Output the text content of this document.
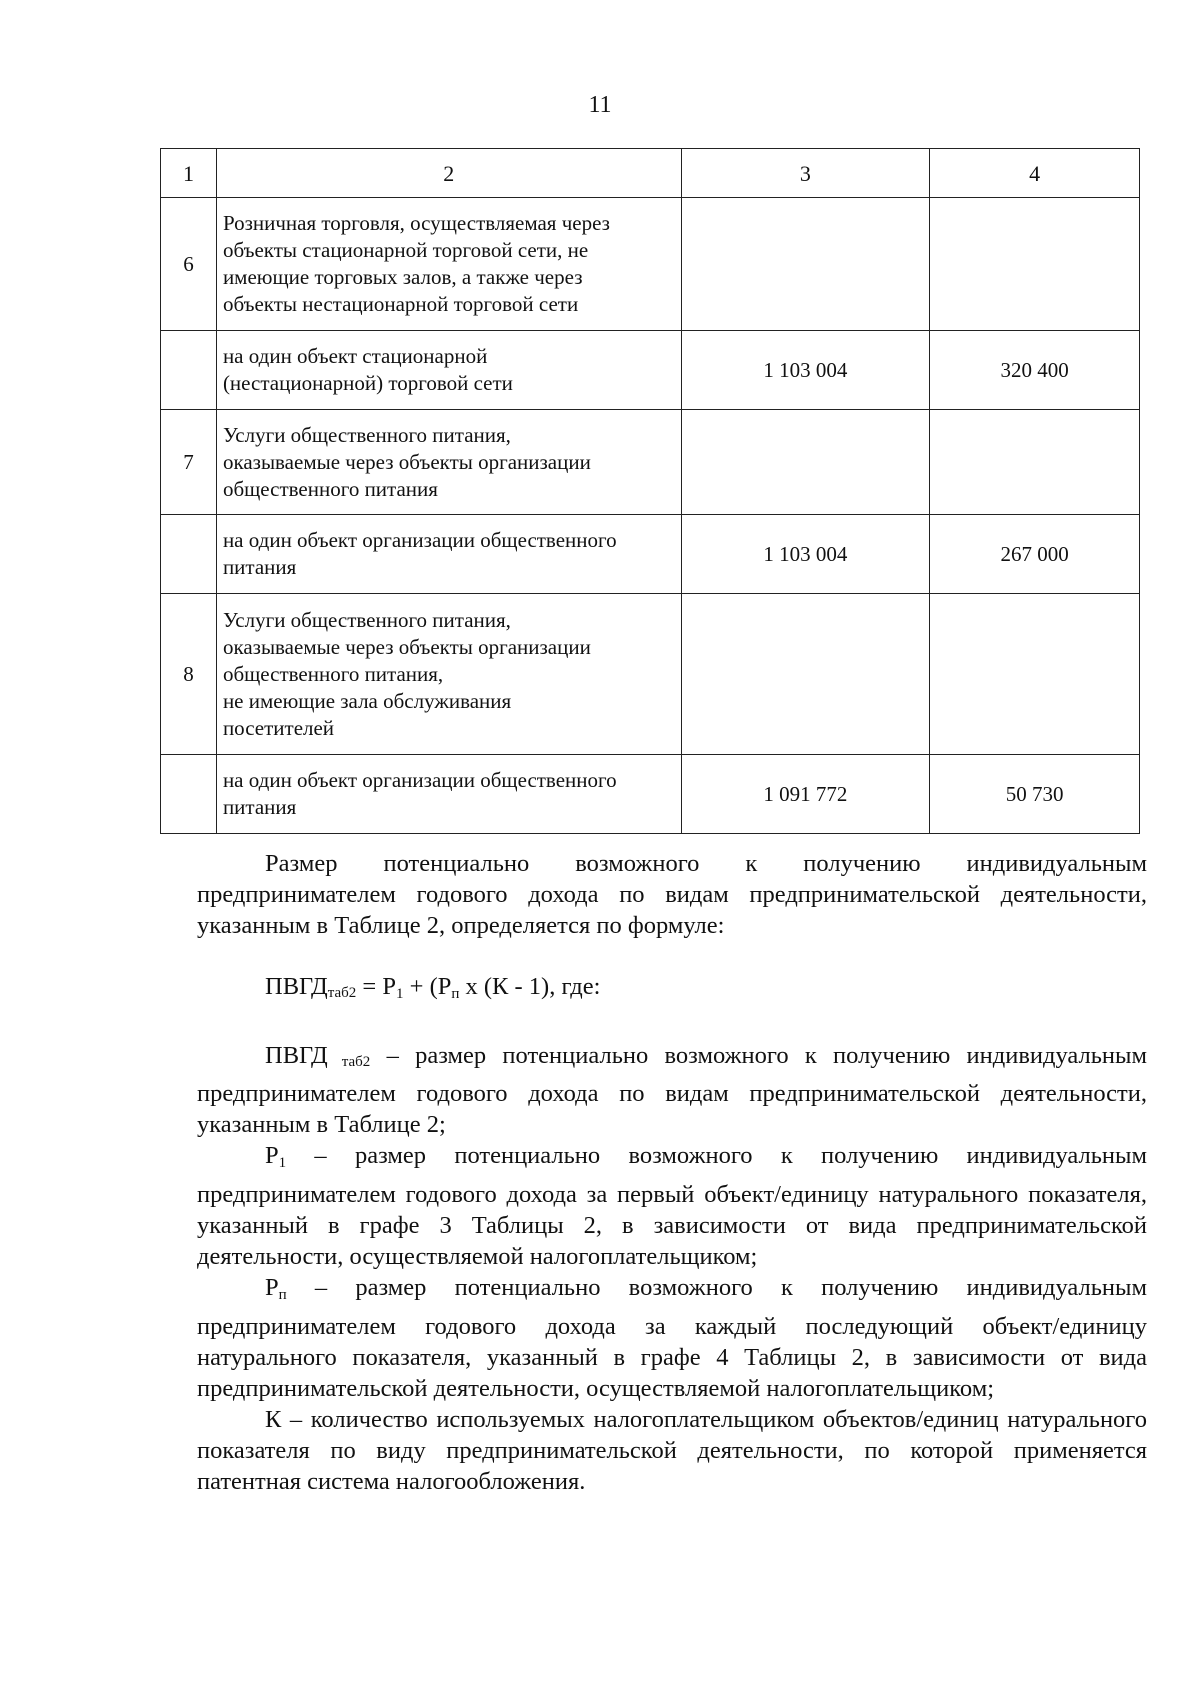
11
1	2	3	4
6	Розничная торговля, осуществляемая через
объекты стационарной торговой сети, не
имеющие торговых залов, а также через
объекты нестационарной торговой сети		

	на один объект стационарной
(нестационарной) торговой сети	1 103 004	320 400
7	Услуги общественного питания,
оказываемые через объекты организации
общественного питания		

	на один объект организации общественного
питания	1 103 004	267 000
8	Услуги общественного питания,
оказываемые через объекты организации
общественного питания,
не имеющие зала обслуживания
посетителей		

	на один объект организации общественного
питания	1 091 772	50 730

Размер потенциально возможного к получению индивидуальным предпринимателем годового дохода по видам предпринимательской деятельности, указанным в Таблице 2, определяется по формуле:

$ПВГД_{таб2} = Р1 + (Рп$ х (К - 1), где:

ПВГД $_{таб2}$ – размер потенциально возможного к получению индивидуальным предпринимателем годового дохода по видам предпринимательской деятельности, указанным в Таблице 2;

Р1 – размер потенциально возможного к получению индивидуальным предпринимателем годового дохода за первый объект/единицу натурального показателя, указанный в графе 3 Таблицы 2, в зависимости от вида предпринимательской деятельности, осуществляемой налогоплательщиком;

Рп – размер потенциально возможного к получению индивидуальным предпринимателем годового дохода за каждый последующий объект/единицу натурального показателя, указанный в графе 4 Таблицы 2, в зависимости от вида предпринимательской деятельности, осуществляемой налогоплательщиком;

К – количество используемых налогоплательщиком объектов/единиц натурального показателя по виду предпринимательской деятельности, по которой применяется патентная система налогообложения.
